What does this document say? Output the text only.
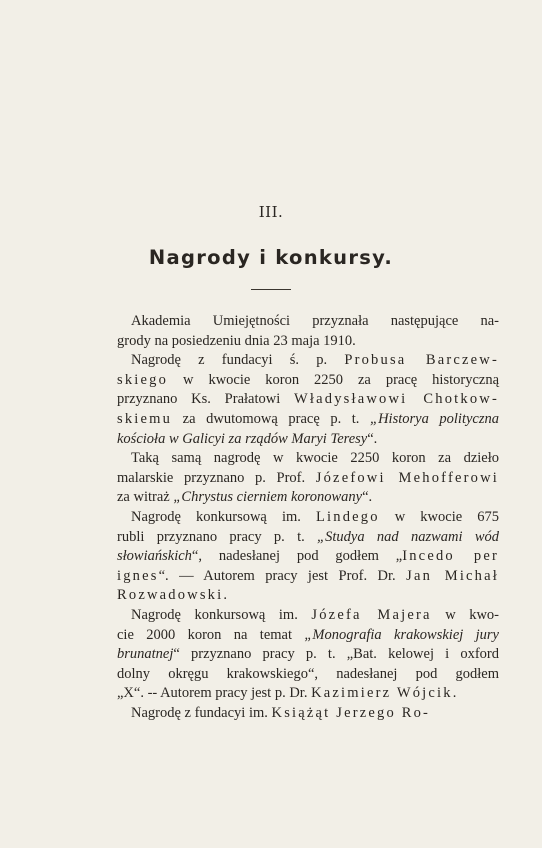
III.
Nagrody i konkursy.
Akademia Umiejętności przyznała następujące na-
grody na posiedzeniu dnia 23 maja 1910.
Nagrodę z fundacyi ś. p. Probusa Barczew-
skiego w kwocie koron 2250 za pracę historyczną
przyznano Ks. Prałatowi Władysławowi Chotkow-
skiemu za dwutomową pracę p. t. „Historya polityczna
kościoła w Galicyi za rządów Maryi Teresy“.
Taką samą nagrodę w kwocie 2250 koron za dzieło
malarskie przyznano p. Prof. Józefowi Mehofferowi
za witraż „Chrystus cierniem koronowany“.
Nagrodę konkursową im. Lindego w kwocie 675
rubli przyznano pracy p. t. „Studya nad nazwami wód
słowiańskich“, nadesłanej pod godłem „Incedo per
ignes“. — Autorem pracy jest Prof. Dr. Jan Michał
Rozwadowski.
Nagrodę konkursową im. Józefa Majera w kwo-
cie 2000 koron na temat „Monografia krakowskiej jury
brunatnej“ przyznano pracy p. t. „Bat. kelowej i oxford
dolny okręgu krakowskiego“, nadesłanej pod godłem
„X“. -- Autorem pracy jest p. Dr. Kazimierz Wójcik.
Nagrodę z fundacyi im. Książąt Jerzego Ro-
